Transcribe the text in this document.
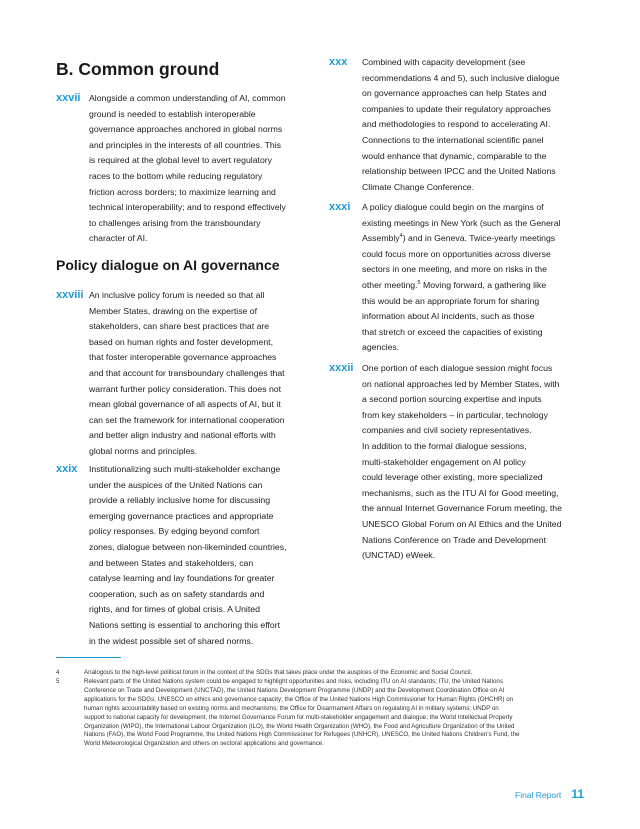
B. Common ground
Policy dialogue on AI governance
xxvii Alongside a common understanding of AI, common
ground is needed to establish interoperable
governance approaches anchored in global norms
and principles in the interests of all countries. This
is required at the global level to avert regulatory
races to the bottom while reducing regulatory
friction across borders; to maximize learning and
technical interoperability; and to respond effectively
to challenges arising from the transboundary
character of AI.
xxviii An inclusive policy forum is needed so that all
Member States, drawing on the expertise of
stakeholders, can share best practices that are
based on human rights and foster development,
that foster interoperable governance approaches
and that account for transboundary challenges that
warrant further policy consideration. This does not
mean global governance of all aspects of AI, but it
can set the framework for international cooperation
and better align industry and national efforts with
global norms and principles.
xxix	Institutionalizing such multi-stakeholder exchange
under the auspices of the United Nations can
provide a reliably inclusive home for discussing
emerging governance practices and appropriate
policy responses. By edging beyond comfort
zones, dialogue between non-likeminded countries,
and between States and stakeholders, can
catalyse learning and lay foundations for greater
cooperation, such as on safety standards and
rights, and for times of global crisis. A United
Nations setting is essential to anchoring this effort
in the widest possible set of shared norms.
xxx	Combined with capacity development (see
recommendations 4 and 5), such inclusive dialogue
on governance approaches can help States and
companies to update their regulatory approaches
and methodologies to respond to accelerating AI.
Connections to the international scientific panel
would enhance that dynamic, comparable to the
relationship between IPCC and the United Nations
Climate Change Conference.
xxxi	A policy dialogue could begin on the margins of
existing meetings in New York (such as the General
Assembly$^4$) and in Geneva. Twice-yearly meetings
could focus more on opportunities across diverse
sectors in one meeting, and more on risks in the
other meeting.$^5$ Moving forward, a gathering like
this would be an appropriate forum for sharing
information about AI incidents, such as those
that stretch or exceed the capacities of existing
agencies.
xxxii One portion of each dialogue session might focus
on national approaches led by Member States, with
a second portion sourcing expertise and inputs
from key stakeholders – in particular, technology
companies and civil society representatives.
In addition to the formal dialogue sessions,
multi-stakeholder engagement on AI policy
could leverage other existing, more specialized
mechanisms, such as the ITU AI for Good meeting,
the annual Internet Governance Forum meeting, the
UNESCO Global Forum on AI Ethics and the United
Nations Conference on Trade and Development
(UNCTAD) eWeek.
4	Analogous to the high-level political forum in the context of the SDGs that takes place under the auspices of the Economic and Social Council.
5	Relevant parts of the United Nations system could be engaged to highlight opportunities and risks, including ITU on AI standards; ITU, the United Nations
Conference on Trade and Development (UNCTAD), the United Nations Development Programme (UNDP) and the Development Coordination Office on AI
applications for the SDGs; UNESCO on ethics and governance capacity; the Office of the United Nations High Commissioner for Human Rights (OHCHR) on
human rights accountability based on existing norms and mechanisms; the Office for Disarmament Affairs on regulating AI in military systems; UNDP on
support to national capacity for development; the Internet Governance Forum for multi-stakeholder engagement and dialogue; the World Intellectual Property
Organization (WIPO), the International Labour Organization (ILO), the World Health Organization (WHO), the Food and Agriculture Organization of the United
Nations (FAO), the World Food Programme, the United Nations High Commissioner for Refugees (UNHCR), UNESCO, the United Nations Children’s Fund, the
World Meteorological Organization and others on sectoral applications and governance.
Final Report 11
